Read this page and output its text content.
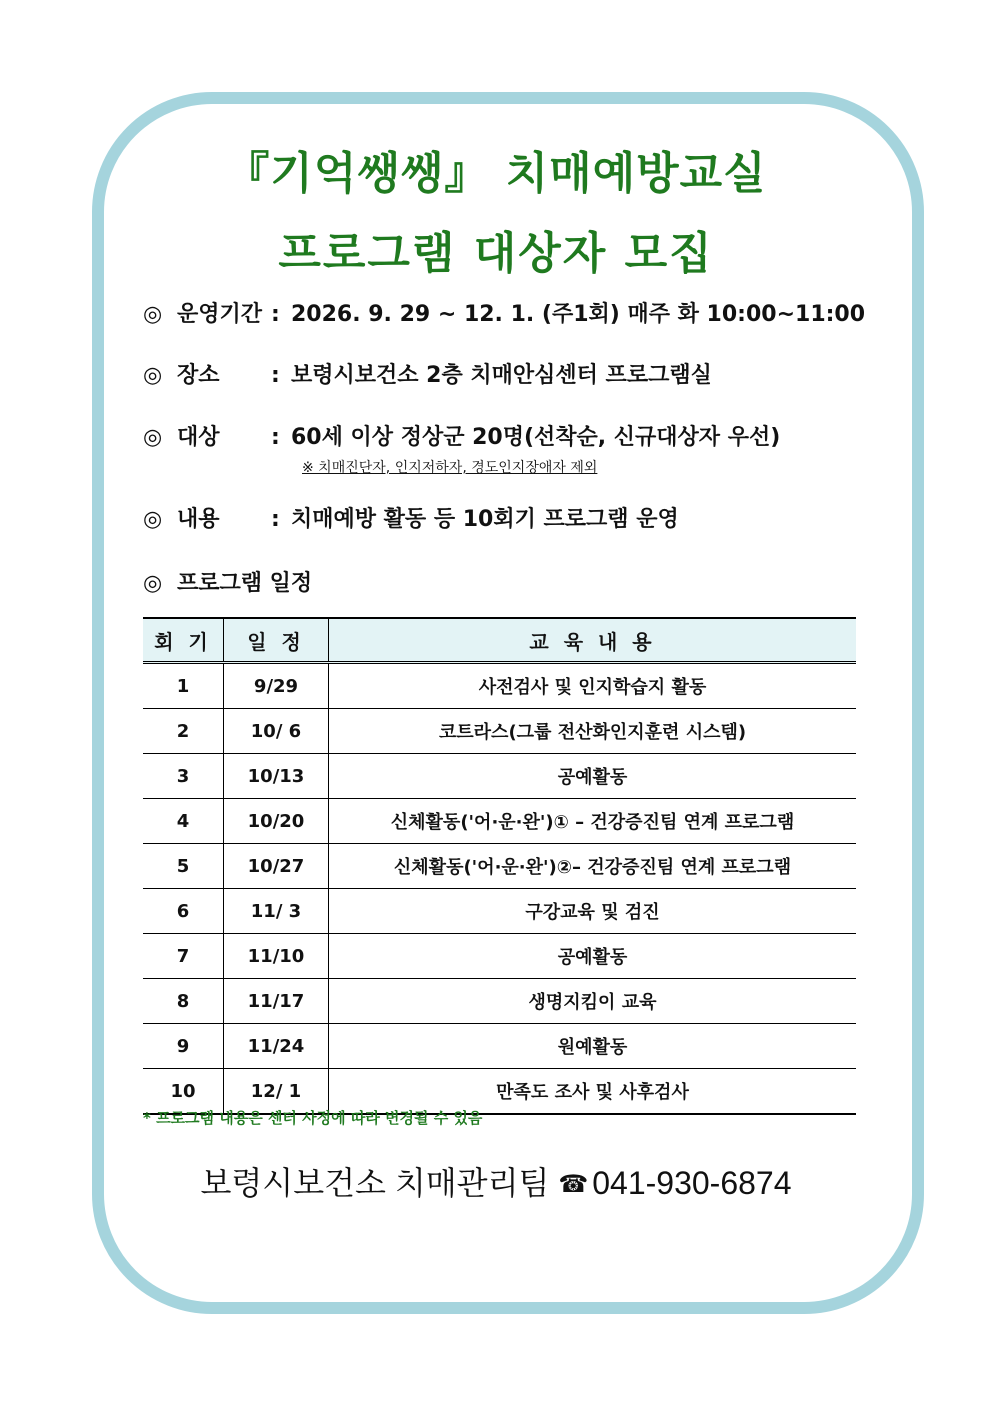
『기억쌩쌩』 치매예방교실
프로그램 대상자 모집
◎ 운영기간 : 2026. 9. 29 ~ 12. 1. (주1회) 매주 화 10:00~11:00
◎ 장소 : 보령시보건소 2층 치매안심센터 프로그램실
◎ 대상 : 60세 이상 정상군 20명(선착순, 신규대상자 우선)
※ 치매진단자, 인지저하자, 경도인지장애자 제외
◎ 내용 : 치매예방 활동 등 10회기 프로그램 운영
◎ 프로그램 일정
회 기	일 정	교 육 내 용
1	9/29	사전검사 및 인지학습지 활동
2	10/ 6	코트라스(그룹 전산화인지훈련 시스템)
3	10/13	공예활동
4	10/20	신체활동('어·운·완')① – 건강증진팀 연계 프로그램
5	10/27	신체활동('어·운·완')②– 건강증진팀 연계 프로그램
6	11/ 3	구강교육 및 검진
7	11/10	공예활동
8	11/17	생명지킴이 교육
9	11/24	원예활동
10	12/ 1	만족도 조사 및 사후검사
* 프로그램 내용은 센터 사정에 따라 변경될 수 있음
보령시보건소 치매관리팀 ☎ 041-930-6874
